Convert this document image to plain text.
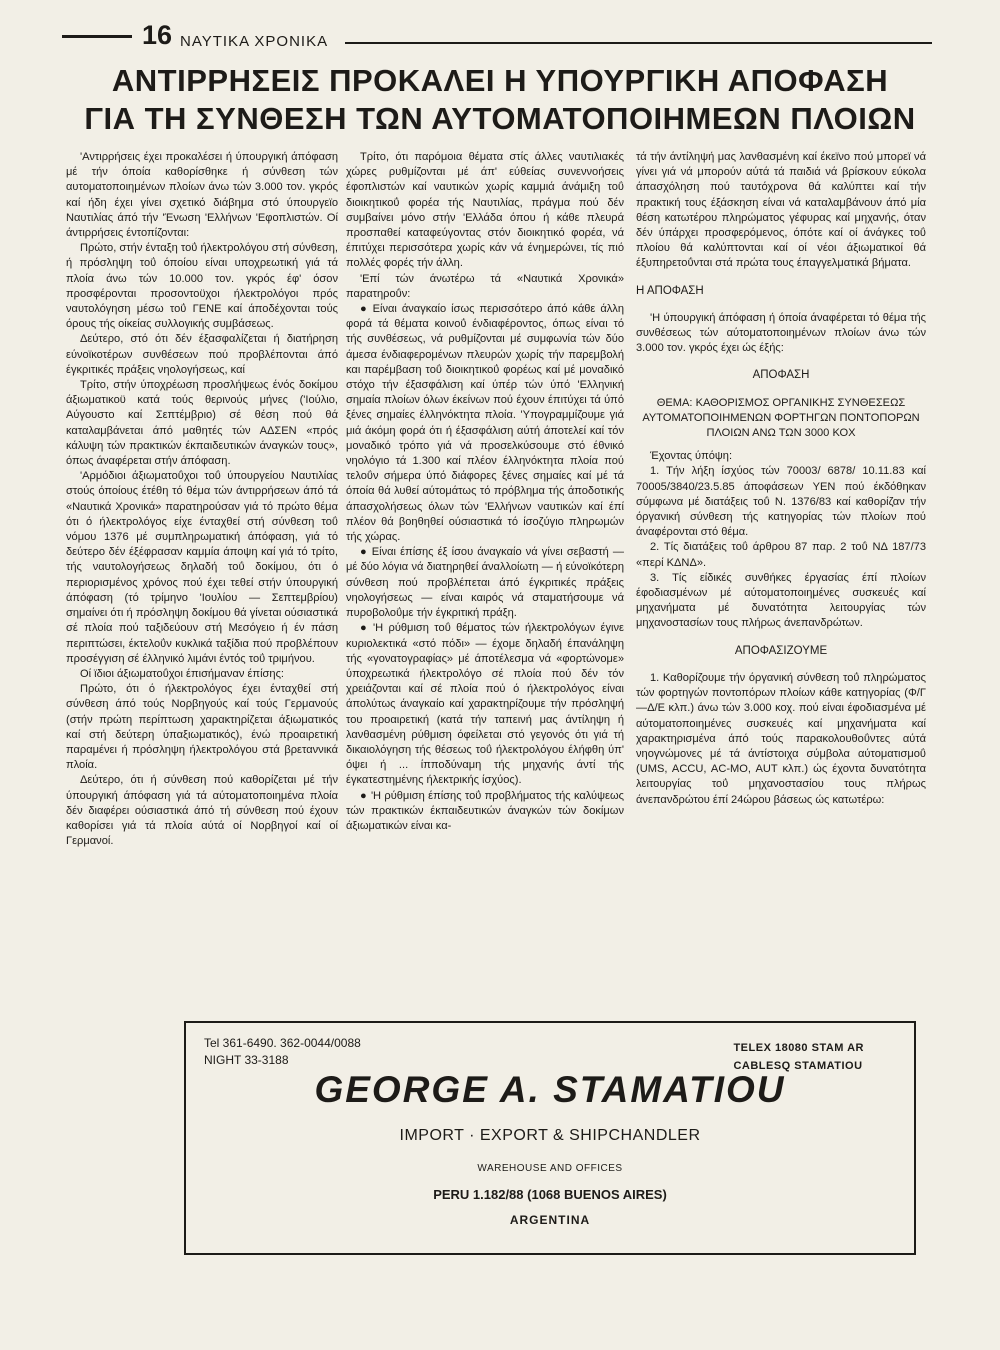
16 ΝΑΥΤΙΚΑ ΧΡΟΝΙΚΑ
ΑΝΤΙΡΡΗΣΕΙΣ ΠΡΟΚΑΛΕΙ Η ΥΠΟΥΡΓΙΚΗ ΑΠΟΦΑΣΗ
ΓΙΑ ΤΗ ΣΥΝΘΕΣΗ ΤΩΝ ΑΥΤΟΜΑΤΟΠΟΙΗΜΕΩΝ ΠΛΟΙΩΝ

'Αντιρρήσεις έχει προκαλέσει ή ύπουργική άπόφαση μέ τήν όποία καθορίσθηκε ή σύνθεση τών αυτοματοποιημένων πλοίων άνω τών 3.000 τον. γκρός καί ήδη έχει γίνει σχετικό διάβημα στό ύπουργεϊο Ναυτιλίας άπό τήν 'Ένωση 'Ελλήνων 'Εφοπλιστών. Οί άντιρρήσεις έντοπίζονται:

Πρώτο, στήν ένταξη τοΰ ήλεκτρολόγου στή σύνθεση, ή πρόσληψη τοΰ όποίου είναι υποχρεωτική γιά τά πλοία άνω τών 10.000 τον. γκρός έφ' όσον προσφέρονται προσοντοϋχοι ήλεκτρολόγοι πρός ναυτολόγηση μέσω τοΰ ΓΕΝΕ καί άποδέχονται τούς όρους τής οίκείας συλλογικής συμβάσεως.

Δεύτερο, στό ότι δέν έξασφαλίζεται ή διατήρηση εύνοϊκοτέρων συνθέσεων πού προβλέπονται άπό έγκριτικές πράξεις νηολογήσεως, καί

Τρίτο, στήν ύποχρέωση προσλήψεως ένός δοκίμου άξιωματικοϋ κατά τούς θερινούς μήνες ('Ιούλιο, Αύγουστο καί Σεπτέμβριο) σέ θέση πού θά καταλαμβάνεται άπό μαθητές τών ΑΔΣΕΝ «πρός κάλυψη τών πρακτικών έκπαιδευτικών άναγκών τους», όπως άναφέρεται στήν άπόφαση.

'Αρμόδιοι άξιωματοΰχοι τοΰ ύπουργείου Ναυτιλίας στούς όποίους έτέθη τό θέμα τών άντιρρήσεων άπό τά «Ναυτικά Χρονικά» παρατηρούσαν γιά τό πρώτο θέμα ότι ό ήλεκτρολόγος είχε ένταχθεί στή σύνθεση τοΰ νόμου 1376 μέ συμπληρωματική άπόφαση, γιά τό δεύτερο δέν έξέφρασαν καμμία άποψη καί γιά τό τρίτο, τής ναυτολογήσεως δηλαδή τοΰ δοκίμου, ότι ό περιορισμένος χρόνος πού έχει τεθεί στήν ύπουργική άπόφαση (τό τρίμηνο 'Ιουλίου — Σεπτεμβρίου) σημαίνει ότι ή πρόσληψη δοκίμου θά γίνεται ούσιαστικά σέ πλοία πού ταξιδεύουν στή Μεσόγειο ή έν πάση περιπτώσει, έκτελοΰν κυκλικά ταξίδια πού προβλέπουν προσέγγιση σέ έλληνικό λιμάνι έντός τοΰ τριμήνου.

Οί ϊδιοι άξιωματοΰχοι έπισήμαναν έπίσης:

Πρώτο, ότι ό ήλεκτρολόγος έχει ένταχθεί στή σύνθεση άπό τούς Νορβηγούς καί τούς Γερμανούς (στήν πρώτη περίπτωση χαρακτηρίζεται άξιωματικός καί στή δεύτερη ύπαξιωματικός), ένώ προαιρετική παραμένει ή πρόσληψη ήλεκτρολόγου στά βρεταννικά πλοία.

Δεύτερο, ότι ή σύνθεση πού καθορίζεται μέ τήν ύπουργική άπόφαση γιά τά αύτοματοποιημένα πλοία δέν διαφέρει ούσιαστικά άπό τή σύνθεση πού έχουν καθορίσει γιά τά πλοία αύτά οί Νορβηγοί καί οί Γερμανοί.

Τρίτο, ότι παρόμοια θέματα στίς άλλες ναυτιλιακές χώρες ρυθμίζονται μέ άπ' εύθείας συνεννοήσεις έφοπλιστών καί ναυτικών χωρίς καμμιά άνάμιξη τοΰ διοικητικοΰ φορέα τής Ναυτιλίας, πράγμα πού δέν συμβαίνει μόνο στήν 'Ελλάδα όπου ή κάθε πλευρά προσπαθεί καταφεύγοντας στόν διοικητικό φορέα, νά έπιτύχει περισσότερα χωρίς κάν νά ένημερώνει, τίς πιό πολλές φορές τήν άλλη.

'Επί τών άνωτέρω τά «Ναυτικά Χρονικά» παρατηροΰν:

● Είναι άναγκαίο ίσως περισσότερο άπό κάθε άλλη φορά τά θέματα κοινοΰ ένδιαφέροντος, όπως είναι τό τής συνθέσεως, νά ρυθμίζονται μέ συμφωνία τών δύο άμεσα ένδιαφερομένων πλευρών χωρίς τήν παρεμβολή και παρέμβαση τοΰ διοικητικοΰ φορέως καί μέ μοναδικό στόχο τήν έξασφάλιση καί ύπέρ τών ύπό 'Ελληνική σημαία πλοίων όλων έκείνων πού έχουν έπιτύχει τά ύπό ξένες σημαίες έλληνόκτητα πλοία. 'Υπογραμμίζουμε γιά μιά άκόμη φορά ότι ή έξασφάλιση αύτή άποτελεί καί τόν μοναδικό τρόπο γιά νά προσελκύσουμε στό έθνικό νηολόγιο τά 1.300 καί πλέον έλληνόκτητα πλοία πού τελοΰν σήμερα ύπό διάφορες ξένες σημαίες καί μέ τά όποία θά λυθεί αύτομάτως τό πρόβλημα τής άποδοτικής άπασχολήσεως όλων τών 'Ελλήνων ναυτικών καί έπί πλέον θά βοηθηθεί ούσιαστικά τό ίσοζύγιο πληρωμών τής χώρας.

● Είναι έπίσης έξ ίσου άναγκαίο νά γίνει σεβαστή — μέ δύο λόγια νά διατηρηθεί άναλλοίωτη — ή εύνοϊκότερη σύνθεση πού προβλέπεται άπό έγκριτικές πράξεις νηολογήσεως — είναι καιρός νά σταματήσουμε νά πυροβολοΰμε τήν έγκριτική πράξη.

● 'Η ρύθμιση τοΰ θέματος τών ήλεκτρολόγων έγινε κυριολεκτικά «στό πόδι» — έχομε δηλαδή έπανάληψη τής «γονατογραφίας» μέ άποτέλεσμα νά «φορτώνομε» ύποχρεωτικά ήλεκτρολόγο σέ πλοία πού δέν τόν χρειάζονται καί σέ πλοία πού ό ήλεκτρολόγος είναι άπολύτως άναγκαίο καί χαρακτηρίζουμε τήν πρόσληψή του προαιρετική (κατά τήν ταπεινή μας άντίληψη ή λανθασμένη ρύθμιση όφείλεται στό γεγονός ότι γιά τή δικαιολόγηση τής θέσεως τοΰ ήλεκτρολόγου έλήφθη ύπ' όψει ή ... ίπποδύναμη τής μηχανής άντί τής έγκατεστημένης ήλεκτρικής ίσχύος).

● 'Η ρύθμιση έπίσης τοΰ προβλήματος τής καλύψεως τών πρακτικών έκπαιδευτικών άναγκών τών δοκίμων άξιωματικών είναι κα-

τά τήν άντίληψή μας λανθασμένη καί έκεϊνο πού μπορεϊ νά γίνει γιά νά μπορούν αύτά τά παιδιά νά βρίσκουν εύκολα άπασχόληση πού ταυτόχρονα θά καλύπτει καί τήν πρακτική τους έξάσκηση είναι νά καταλαμβάνουν άπό μία θέση κατωτέρου πληρώματος γέφυρας καί μηχανής, όταν δέν ύπάρχει προσφερόμενος, όπότε καί οί άνάγκες τοΰ πλοίου θά καλύπτονται καί οί νέοι άξιωματικοί θά έξυπηρετοΰνται στά πρώτα τους έπαγγελματικά βήματα.

Η ΑΠΟΦΑΣΗ

'Η ύπουργική άπόφαση ή όποία άναφέρεται τό θέμα τής συνθέσεως τών αύτοματοποιημένων πλοίων άνω τών 3.000 τον. γκρός έχει ώς έξής:

ΑΠΟΦΑΣΗ

ΘΕΜΑ: ΚΑΘΟΡΙΣΜΟΣ ΟΡΓΑΝΙΚΗΣ ΣΥΝΘΕΣΕΩΣ ΑΥΤΟΜΑΤΟΠΟΙΗΜΕΝΩΝ ΦΟΡΤΗΓΩΝ ΠΟΝΤΟΠΟΡΩΝ ΠΛΟΙΩΝ ΑΝΩ ΤΩΝ 3000 ΚΟΧ

Έχοντας ύπόψη:

1. Τήν λήξη ίσχύος τών 70003/ 6878/ 10.11.83 καί 70005/3840/23.5.85 άποφάσεων ΥΕΝ πού έκδόθηκαν σύμφωνα μέ διατάξεις τοΰ Ν. 1376/83 καί καθορίζαν τήν όργανική σύνθεση τής κατηγορίας τών πλοίων πού άναφέρονται στό θέμα.

2. Τίς διατάξεις τοΰ άρθρου 87 παρ. 2 τοΰ ΝΔ 187/73 «περί ΚΔΝΔ».

3. Τίς είδικές συνθήκες έργασίας έπί πλοίων έφοδιασμένων μέ αύτοματοποιημένες συσκευές καί μηχανήματα μέ δυνατότητα λειτουργίας τών μηχανοστασίων τους πλήρως άνεπανδρώτων.

ΑΠΟΦΑΣΙΖΟΥΜΕ

1. Καθορίζουμε τήν όργανική σύνθεση τοΰ πληρώματος τών φορτηγών ποντοπόρων πλοίων κάθε κατηγορίας (Φ/Γ—Δ/Ε κλπ.) άνω τών 3.000 κοχ. πού είναι έφοδιασμένα μέ αύτοματοποιημένες συσκευές καί μηχανήματα καί χαρακτηρισμένα άπό τούς παρακολουθοΰντες αύτά νηογνώμονες μέ τά άντίστοιχα σύμβολα αύτοματισμοΰ (UMS, ACCU, AC-MO, AUT κλπ.) ώς έχοντα δυνατότητα λειτουργίας τοΰ μηχανοστασίου τους πλήρως άνεπανδρώτου έπί 24ώρου βάσεως ώς κατωτέρω:

Tel 361-6490. 362-0044/0088
NIGHT 33-3188
TELEX 18080 STAM AR
CABLESQ STAMATIOU
GEORGE A. STAMATIOU
IMPORT · EXPORT & SHIPCHANDLER
WAREHOUSE AND OFFICES
PERU 1.182/88 (1068 BUENOS AIRES)
ARGENTINA
